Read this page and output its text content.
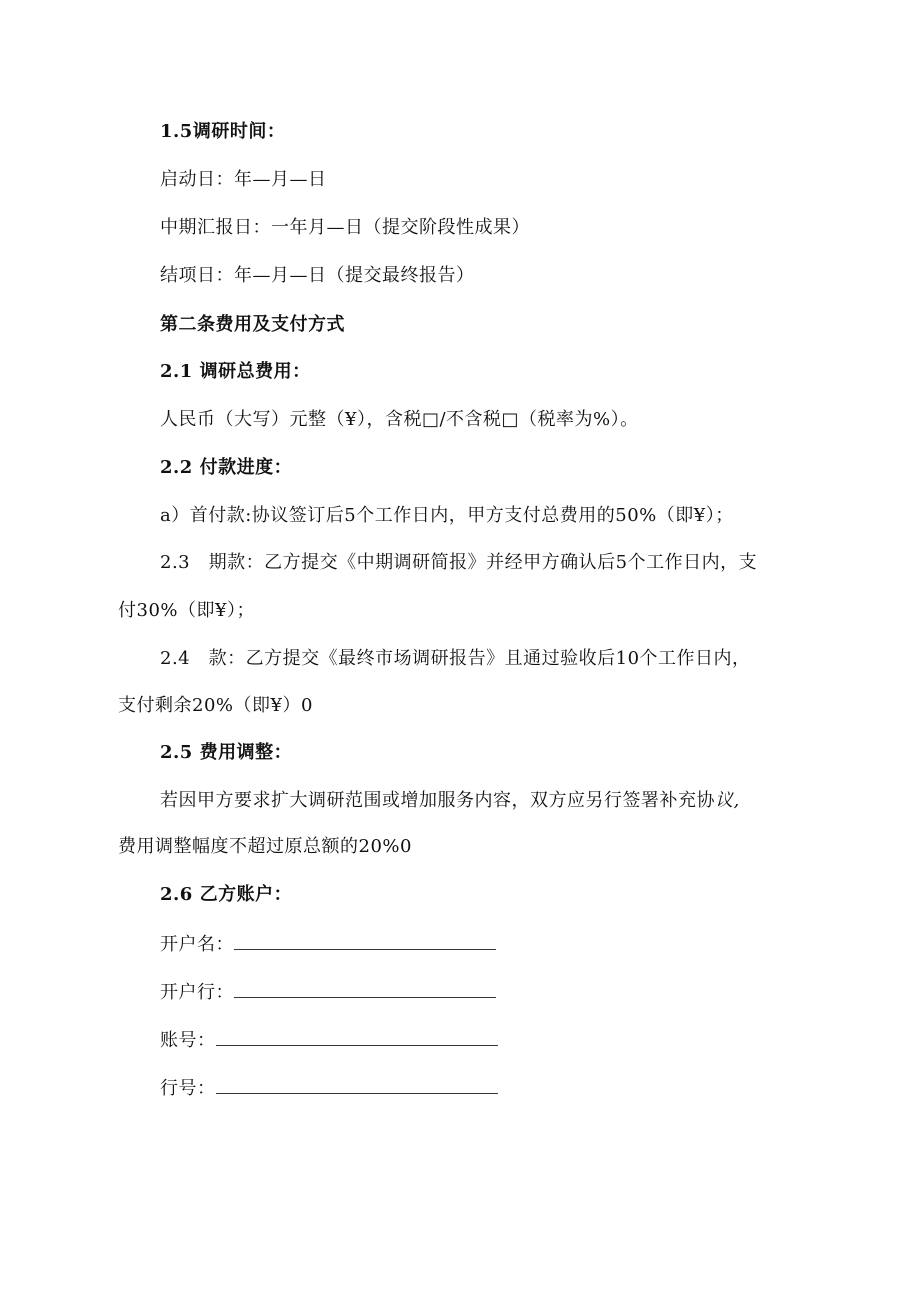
1.5调研时间：
启动日：年—月—日
中期汇报日：一年月—日（提交阶段性成果）
结项日：年—月—日（提交最终报告）
第二条费用及支付方式
2.1 调研总费用：
人民币（大写）元整（¥），含税□/不含税□（税率为%）。
2.2 付款进度：
a）首付款:协议签订后5个工作日内，甲方支付总费用的50%（即¥）；
2.3　期款：乙方提交《中期调研简报》并经甲方确认后5个工作日内，支
付30%（即¥）；
2.4　款：乙方提交《最终市场调研报告》且通过验收后10个工作日内，
支付剩余20%（即¥）0
2.5 费用调整：
若因甲方要求扩大调研范围或增加服务内容，双方应另行签署补充协议,
费用调整幅度不超过原总额的20%0
2.6 乙方账户：
开户名：
开户行：
账号：
行号：
